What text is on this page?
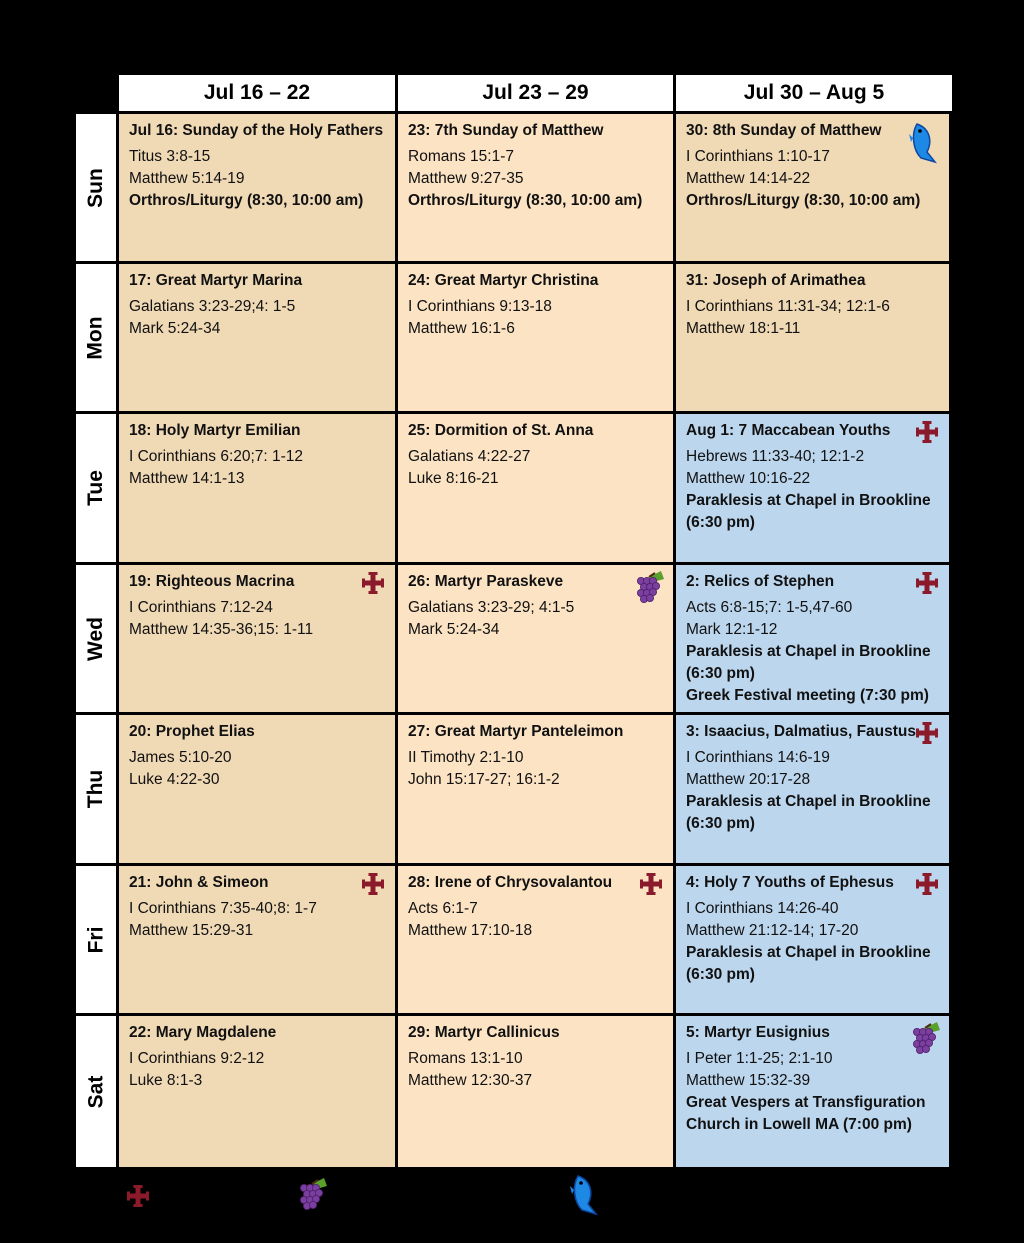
Jul 16 – 22	Jul 23 – 29	Jul 30 – Aug 5
Sun
Mon
Tue
Wed
Thu
Fri
Sat
Jul 16: Sunday of the Holy Fathers
Titus 3:8-15
Matthew 5:14-19
Orthros/Liturgy (8:30, 10:00 am)
23: 7th Sunday of Matthew
Romans 15:1-7
Matthew 9:27-35
Orthros/Liturgy (8:30, 10:00 am)
30: 8th Sunday of Matthew
I Corinthians 1:10-17
Matthew 14:14-22
Orthros/Liturgy (8:30, 10:00 am)
17: Great Martyr Marina
Galatians 3:23-29;4: 1-5
Mark 5:24-34
24: Great Martyr Christina
I Corinthians 9:13-18
Matthew 16:1-6
31: Joseph of Arimathea
I Corinthians 11:31-34; 12:1-6
Matthew 18:1-11
18: Holy Martyr Emilian
I Corinthians 6:20;7: 1-12
Matthew 14:1-13
25: Dormition of St. Anna
Galatians 4:22-27
Luke 8:16-21
Aug 1: 7 Maccabean Youths
Hebrews 11:33-40; 12:1-2
Matthew 10:16-22
Paraklesis at Chapel in Brookline
(6:30 pm)
19: Righteous Macrina
I Corinthians 7:12-24
Matthew 14:35-36;15: 1-11
26: Martyr Paraskeve
Galatians 3:23-29; 4:1-5
Mark 5:24-34
2: Relics of Stephen
Acts 6:8-15;7: 1-5,47-60
Mark 12:1-12
Paraklesis at Chapel in Brookline
(6:30 pm)
Greek Festival meeting (7:30 pm)
20: Prophet Elias
James 5:10-20
Luke 4:22-30
27: Great Martyr Panteleimon
II Timothy 2:1-10
John 15:17-27; 16:1-2
3: Isaacius, Dalmatius, Faustus
I Corinthians 14:6-19
Matthew 20:17-28
Paraklesis at Chapel in Brookline
(6:30 pm)
21: John & Simeon
I Corinthians 7:35-40;8: 1-7
Matthew 15:29-31
28: Irene of Chrysovalantou
Acts 6:1-7
Matthew 17:10-18
4: Holy 7 Youths of Ephesus
I Corinthians 14:26-40
Matthew 21:12-14; 17-20
Paraklesis at Chapel in Brookline
(6:30 pm)
22: Mary Magdalene
I Corinthians 9:2-12
Luke 8:1-3
29: Martyr Callinicus
Romans 13:1-10
Matthew 12:30-37
5: Martyr Eusignius
I Peter 1:1-25; 2:1-10
Matthew 15:32-39
Great Vespers at Transfiguration
Church in Lowell MA (7:00 pm)
